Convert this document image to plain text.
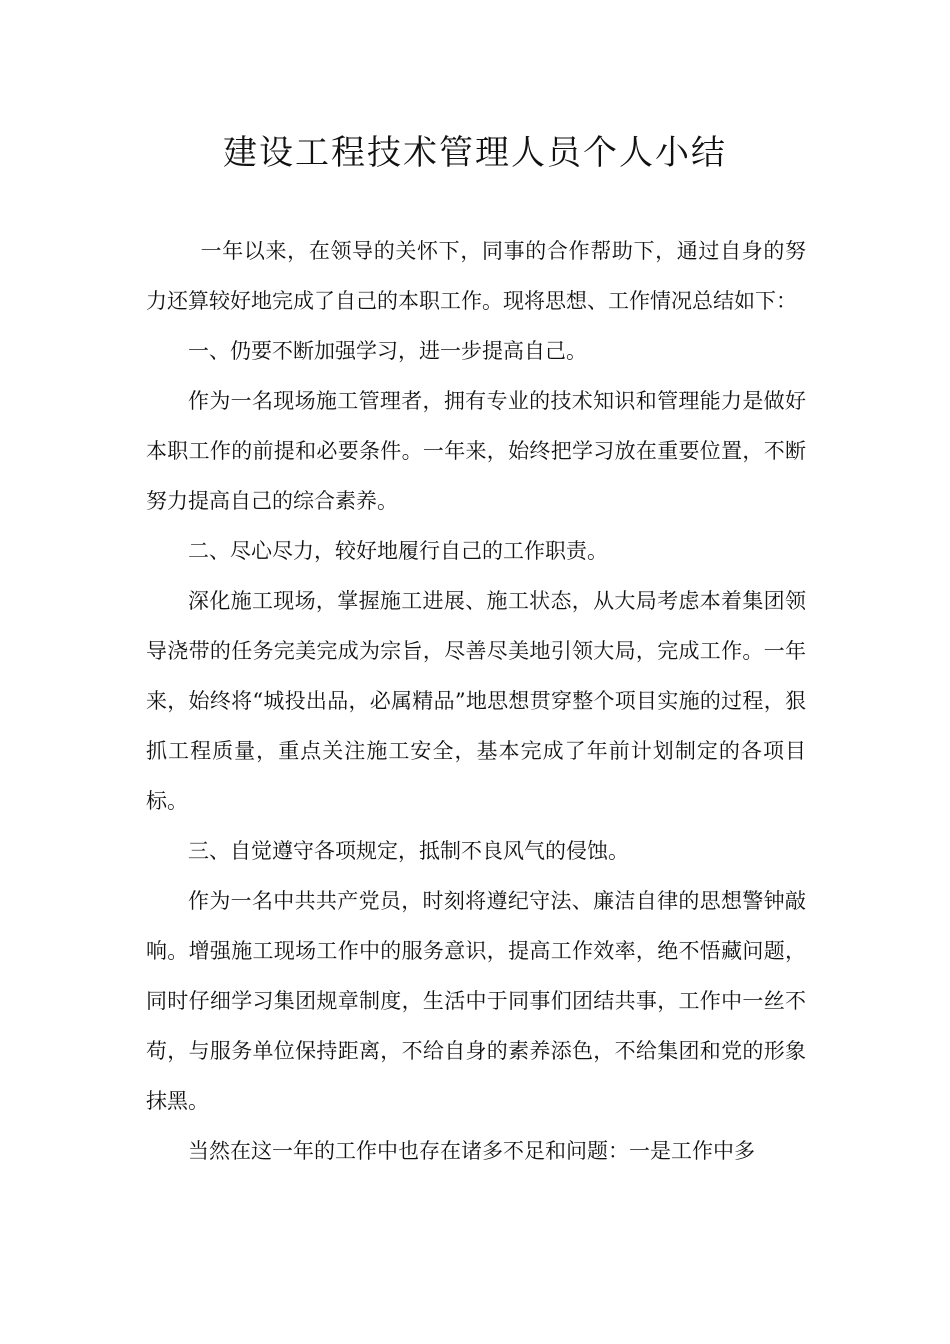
建设工程技术管理人员个人小结

一年以来，在领导的关怀下，同事的合作帮助下，通过自身的努力还算较好地完成了自己的本职工作。现将思想、工作情况总结如下：

一、仍要不断加强学习，进一步提高自己。

作为一名现场施工管理者，拥有专业的技术知识和管理能力是做好本职工作的前提和必要条件。一年来，始终把学习放在重要位置，不断努力提高自己的综合素养。

二、尽心尽力，较好地履行自己的工作职责。

深化施工现场，掌握施工进展、施工状态，从大局考虑本着集团领导浇带的任务完美完成为宗旨，尽善尽美地引领大局，完成工作。一年来，始终将“城投出品，必属精品”地思想贯穿整个项目实施的过程，狠抓工程质量，重点关注施工安全，基本完成了年前计划制定的各项目标。

三、自觉遵守各项规定，抵制不良风气的侵蚀。

作为一名中共共产党员，时刻将遵纪守法、廉洁自律的思想警钟敲响。增强施工现场工作中的服务意识，提高工作效率，绝不悟藏问题，同时仔细学习集团规章制度，生活中于同事们团结共事，工作中一丝不苟，与服务单位保持距离，不给自身的素养添色，不给集团和党的形象抹黑。

当然在这一年的工作中也存在诸多不足和问题：一是工作中多
